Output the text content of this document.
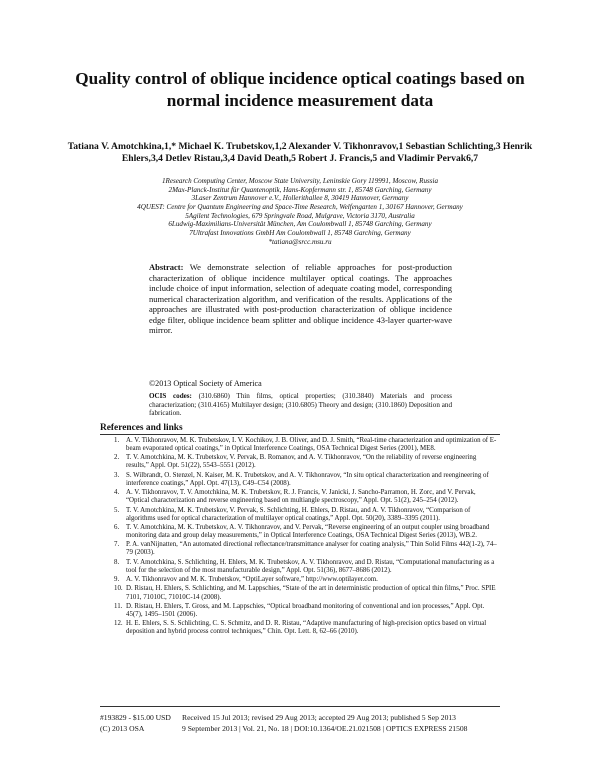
Quality control of oblique incidence optical coatings based on normal incidence measurement data
Tatiana V. Amotchkina,1,* Michael K. Trubetskov,1,2 Alexander V. Tikhonravov,1 Sebastian Schlichting,3 Henrik Ehlers,3,4 Detlev Ristau,3,4 David Death,5 Robert J. Francis,5 and Vladimir Pervak6,7
1Research Computing Center, Moscow State University, Leninskie Gory 119991, Moscow, Russia
2Max-Planck-Institut für Quantenoptik, Hans-Kopfermann str. 1, 85748 Garching, Germany
3Laser Zentrum Hannover e.V., Hollerithallee 8, 30419 Hannover, Germany
4QUEST: Centre for Quantum Engineering and Space-Time Research, Welfengarten 1, 30167 Hannover, Germany
5Agilent Technologies, 679 Springvale Road, Mulgrave, Victoria 3170, Australia
6Ludwig-Maximilians-Universität München, Am Coulombwall 1, 85748 Garching, Germany
7Ultrafast Innovations GmbH Am Coulombwall 1, 85748 Garching, Germany
*tatiana@srcc.msu.ru
Abstract: We demonstrate selection of reliable approaches for post-production characterization of oblique incidence multilayer optical coatings. The approaches include choice of input information, selection of adequate coating model, corresponding numerical characterization algorithm, and verification of the results. Applications of the approaches are illustrated with post-production characterization of oblique incidence edge filter, oblique incidence beam splitter and oblique incidence 43-layer quarter-wave mirror.
©2013 Optical Society of America
OCIS codes: (310.6860) Thin films, optical properties; (310.3840) Materials and process characterization; (310.4165) Multilayer design; (310.6805) Theory and design; (310.1860) Deposition and fabrication.
References and links
1. A. V. Tikhonravov, M. K. Trubetskov, I. V. Kochikov, J. B. Oliver, and D. J. Smith, “Real-time characterization and optimization of E-beam evaporated optical coatings,” in Optical Interference Coatings, OSA Technical Digest Series (2001), ME8.
2. T. V. Amotchkina, M. K. Trubetskov, V. Pervak, B. Romanov, and A. V. Tikhonravov, “On the reliability of reverse engineering results,” Appl. Opt. 51(22), 5543–5551 (2012).
3. S. Wilbrandt, O. Stenzel, N. Kaiser, M. K. Trubetskov, and A. V. Tikhonravov, “In situ optical characterization and reengineering of interference coatings,” Appl. Opt. 47(13), C49–C54 (2008).
4. A. V. Tikhonravov, T. V. Amotchkina, M. K. Trubetskov, R. J. Francis, V. Janicki, J. Sancho-Parramon, H. Zorc, and V. Pervak, “Optical characterization and reverse engineering based on multiangle spectroscopy,” Appl. Opt. 51(2), 245–254 (2012).
5. T. V. Amotchkina, M. K. Trubetskov, V. Pervak, S. Schlichting, H. Ehlers, D. Ristau, and A. V. Tikhonravov, “Comparison of algorithms used for optical characterization of multilayer optical coatings,” Appl. Opt. 50(20), 3389–3395 (2011).
6. T. V. Amotchkina, M. K. Trubetskov, A. V. Tikhonravov, and V. Pervak, “Reverse engineering of an output coupler using broadband monitoring data and group delay measurements,” in Optical Interference Coatings, OSA Technical Digest Series (2013), WB.2.
7. P. A. vanNijnatten, “An automated directional reflectance/transmittance analyser for coating analysis,” Thin Solid Films 442(1-2), 74–79 (2003).
8. T. V. Amotchkina, S. Schlichting, H. Ehlers, M. K. Trubetskov, A. V. Tikhonravov, and D. Ristau, “Computational manufacturing as a tool for the selection of the most manufacturable design,” Appl. Opt. 51(36), 8677–8686 (2012).
9. A. V. Tikhonravov and M. K. Trubetskov, “OptiLayer software,” http://www.optilayer.com.
10. D. Ristau, H. Ehlers, S. Schlichting, and M. Lappschies, “State of the art in deterministic production of optical thin films,” Proc. SPIE 7101, 71010C, 71010C-14 (2008).
11. D. Ristau, H. Ehlers, T. Gross, and M. Lappschies, “Optical broadband monitoring of conventional and ion processes,” Appl. Opt. 45(7), 1495–1501 (2006).
12. H. E. Ehlers, S. S. Schlichting, C. S. Schmitz, and D. R. Ristau, “Adaptive manufacturing of high-precision optics based on virtual deposition and hybrid process control techniques,” Chin. Opt. Lett. 8, 62–66 (2010).
#193829 - $15.00 USD	Received 15 Jul 2013; revised 29 Aug 2013; accepted 29 Aug 2013; published 5 Sep 2013
(C) 2013 OSA	9 September 2013 | Vol. 21, No. 18 | DOI:10.1364/OE.21.021508 | OPTICS EXPRESS 21508
